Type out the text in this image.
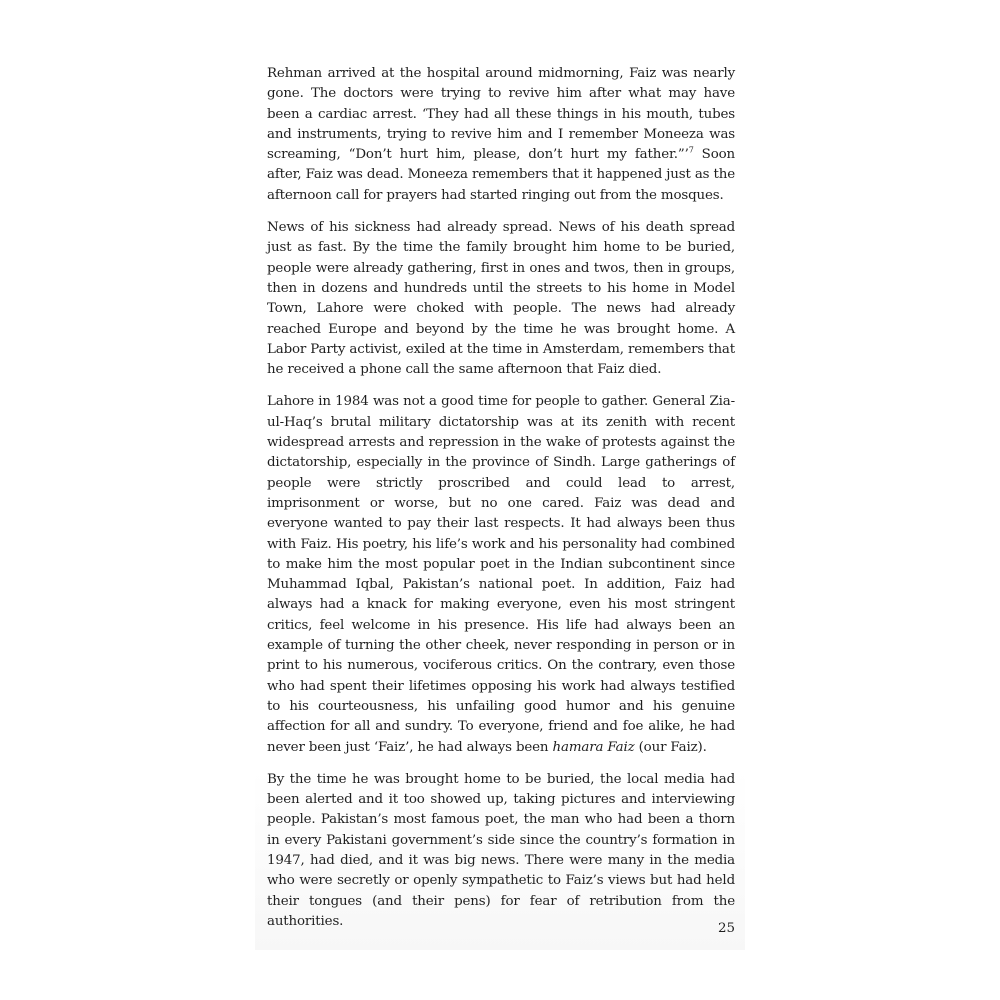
Rehman arrived at the hospital around midmorning, Faiz was nearly gone. The doctors were trying to revive him after what may have been a cardiac arrest. ‘They had all these things in his mouth, tubes and instruments, trying to revive him and I remember Moneeza was screaming, “Don’t hurt him, please, don’t hurt my father.”’$^7$ Soon after, Faiz was dead. Moneeza remembers that it happened just as the afternoon call for prayers had started ringing out from the mosques.

News of his sickness had already spread. News of his death spread just as fast. By the time the family brought him home to be buried, people were already gathering, first in ones and twos, then in groups, then in dozens and hundreds until the streets to his home in Model Town, Lahore were choked with people. The news had already reached Europe and beyond by the time he was brought home. A Labor Party activist, exiled at the time in Amsterdam, remembers that he received a phone call the same afternoon that Faiz died.

Lahore in 1984 was not a good time for people to gather. General Zia-ul-Haq’s brutal military dictatorship was at its zenith with recent widespread arrests and repression in the wake of protests against the dictatorship, especially in the province of Sindh. Large gatherings of people were strictly proscribed and could lead to arrest, imprisonment or worse, but no one cared. Faiz was dead and everyone wanted to pay their last respects. It had always been thus with Faiz. His poetry, his life’s work and his personality had combined to make him the most popular poet in the Indian subcontinent since Muhammad Iqbal, Pakistan’s national poet. In addition, Faiz had always had a knack for making everyone, even his most stringent critics, feel welcome in his presence. His life had always been an example of turning the other cheek, never responding in person or in print to his numerous, vociferous critics. On the contrary, even those who had spent their lifetimes opposing his work had always testified to his courteousness, his unfailing good humor and his genuine affection for all and sundry. To everyone, friend and foe alike, he had never been just ‘Faiz’, he had always been hamara Faiz (our Faiz).

By the time he was brought home to be buried, the local media had been alerted and it too showed up, taking pictures and interviewing people. Pakistan’s most famous poet, the man who had been a thorn in every Pakistani government’s side since the country’s formation in 1947, had died, and it was big news. There were many in the media who were secretly or openly sympathetic to Faiz’s views but had held their tongues (and their pens) for fear of retribution from the authorities.	25
